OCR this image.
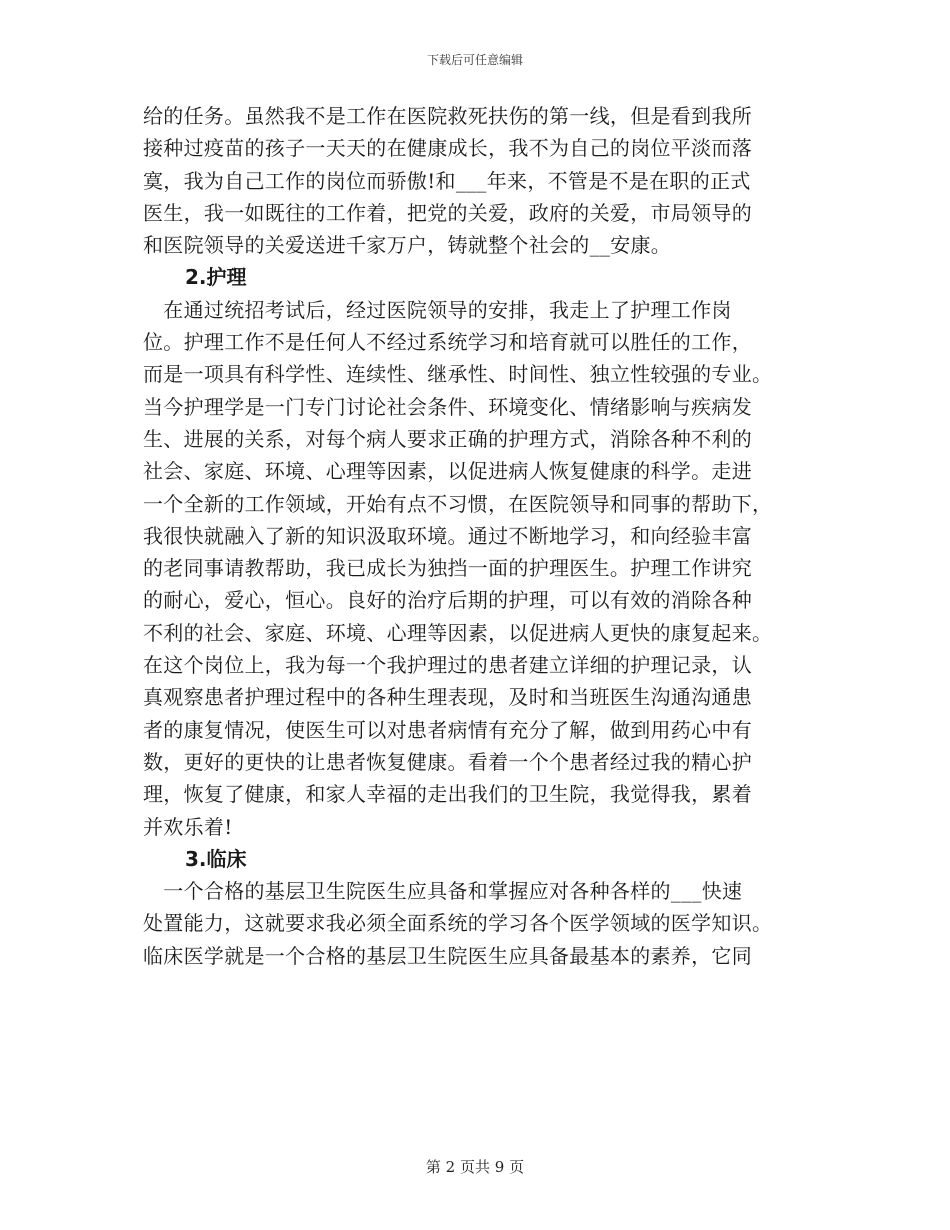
下载后可任意编辑

给的任务。虽然我不是工作在医院救死扶伤的第一线，但是看到我所

接种过疫苗的孩子一天天的在健康成长，我不为自己的岗位平淡而落

寞，我为自己工作的岗位而骄傲!和___年来，不管是不是在职的正式

医生，我一如既往的工作着，把党的关爱，政府的关爱，市局领导的

和医院领导的关爱送进千家万户，铸就整个社会的__安康。

2.护理

　在通过统招考试后，经过医院领导的安排，我走上了护理工作岗

位。护理工作不是任何人不经过系统学习和培育就可以胜任的工作，

而是一项具有科学性、连续性、继承性、时间性、独立性较强的专业。

当今护理学是一门专门讨论社会条件、环境变化、情绪影响与疾病发

生、进展的关系，对每个病人要求正确的护理方式，消除各种不利的

社会、家庭、环境、心理等因素，以促进病人恢复健康的科学。走进

一个全新的工作领域，开始有点不习惯，在医院领导和同事的帮助下，

我很快就融入了新的知识汲取环境。通过不断地学习，和向经验丰富

的老同事请教帮助，我已成长为独挡一面的护理医生。护理工作讲究

的耐心，爱心，恒心。良好的治疗后期的护理，可以有效的消除各种

不利的社会、家庭、环境、心理等因素，以促进病人更快的康复起来。

在这个岗位上，我为每一个我护理过的患者建立详细的护理记录，认

真观察患者护理过程中的各种生理表现，及时和当班医生沟通沟通患

者的康复情况，使医生可以对患者病情有充分了解，做到用药心中有

数，更好的更快的让患者恢复健康。看着一个个患者经过我的精心护

理，恢复了健康，和家人幸福的走出我们的卫生院，我觉得我，累着

并欢乐着!

3.临床

　一个合格的基层卫生院医生应具备和掌握应对各种各样的___快速

处置能力，这就要求我必须全面系统的学习各个医学领域的医学知识。

临床医学就是一个合格的基层卫生院医生应具备最基本的素养，它同

第 2 页共 9 页
